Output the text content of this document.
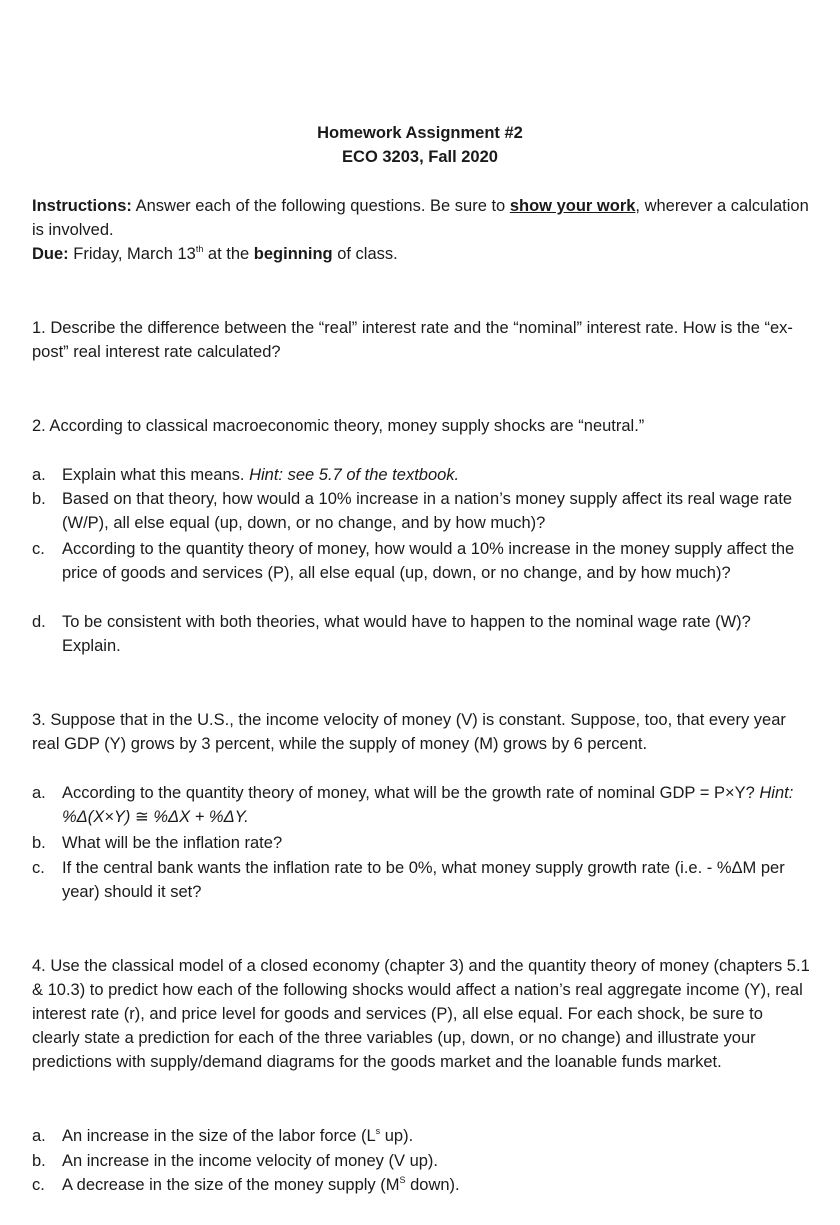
Homework Assignment #2
ECO 3203, Fall 2020
Instructions: Answer each of the following questions. Be sure to show your work, wherever a calculation is involved.
Due: Friday, March 13th at the beginning of class.
1. Describe the difference between the “real” interest rate and the “nominal” interest rate. How is the “ex-post” real interest rate calculated?
2. According to classical macroeconomic theory, money supply shocks are “neutral.”
a. Explain what this means. Hint: see 5.7 of the textbook.
b. Based on that theory, how would a 10% increase in a nation’s money supply affect its real wage rate (W/P), all else equal (up, down, or no change, and by how much)?
c.	According to the quantity theory of money, how would a 10% increase in the money supply affect the price of goods and services (P), all else equal (up, down, or no change, and by how much)?
d. To be consistent with both theories, what would have to happen to the nominal wage rate (W)? Explain.
3. Suppose that in the U.S., the income velocity of money (V) is constant. Suppose, too, that every year real GDP (Y) grows by 3 percent, while the supply of money (M) grows by 6 percent.
a. According to the quantity theory of money, what will be the growth rate of nominal GDP = P×Y? Hint: %Δ(X×Y) ≅ %ΔX + %ΔY.
b. What will be the inflation rate?
c.	If the central bank wants the inflation rate to be 0%, what money supply growth rate (i.e. - %ΔM per year) should it set?
4. Use the classical model of a closed economy (chapter 3) and the quantity theory of money (chapters 5.1 & 10.3) to predict how each of the following shocks would affect a nation’s real aggregate income (Y), real interest rate (r), and price level for goods and services (P), all else equal. For each shock, be sure to clearly state a prediction for each of the three variables (up, down, or no change) and illustrate your predictions with supply/demand diagrams for the goods market and the loanable funds market.
a. An increase in the size of the labor force ($L^s$ up).
b. An increase in the income velocity of money (V up).
c.	A decrease in the size of the money supply ($M^S$ down).
